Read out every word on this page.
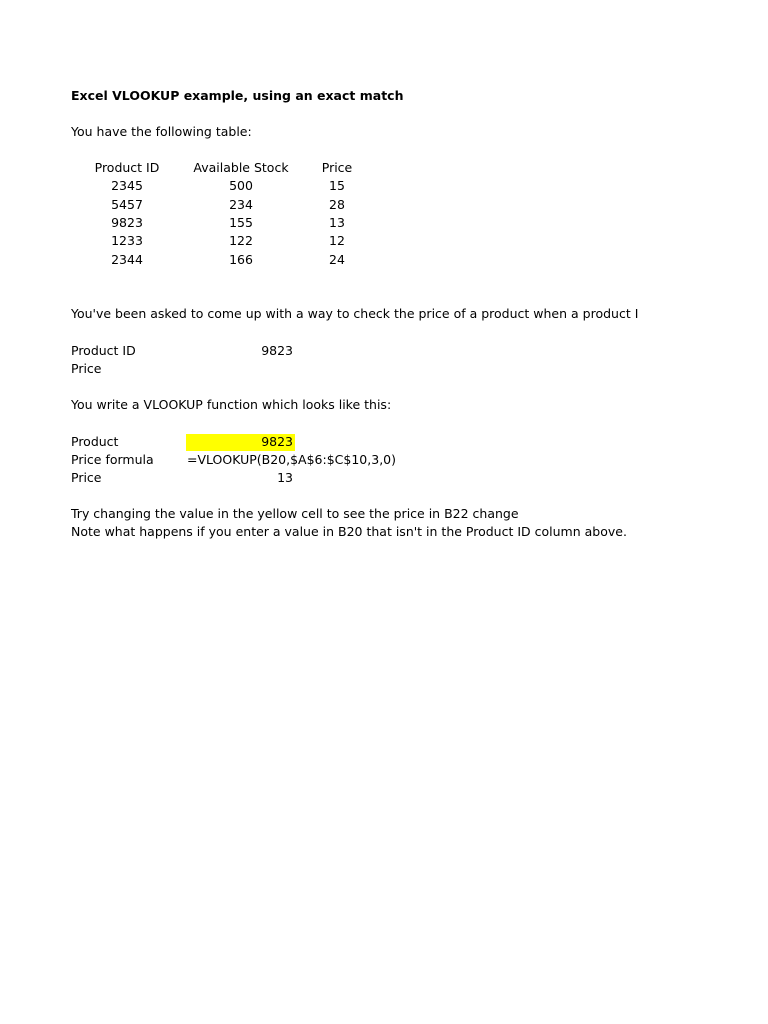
Excel VLOOKUP example, using an exact match
You have the following table:
Product ID	Available Stock	Price
2345	500	15
5457	234	28
9823	155	13
1233	122	12
2344	166	24
You've been asked to come up with a way to check the price of a product when a product I
Product ID	9823
Price
You write a VLOOKUP function which looks like this:
Product	9823
Price formula	=VLOOKUP(B20,$A$6:$C$10,3,0)
Price	13
Try changing the value in the yellow cell to see the price in B22 change
Note what happens if you enter a value in B20 that isn't in the Product ID column above.
